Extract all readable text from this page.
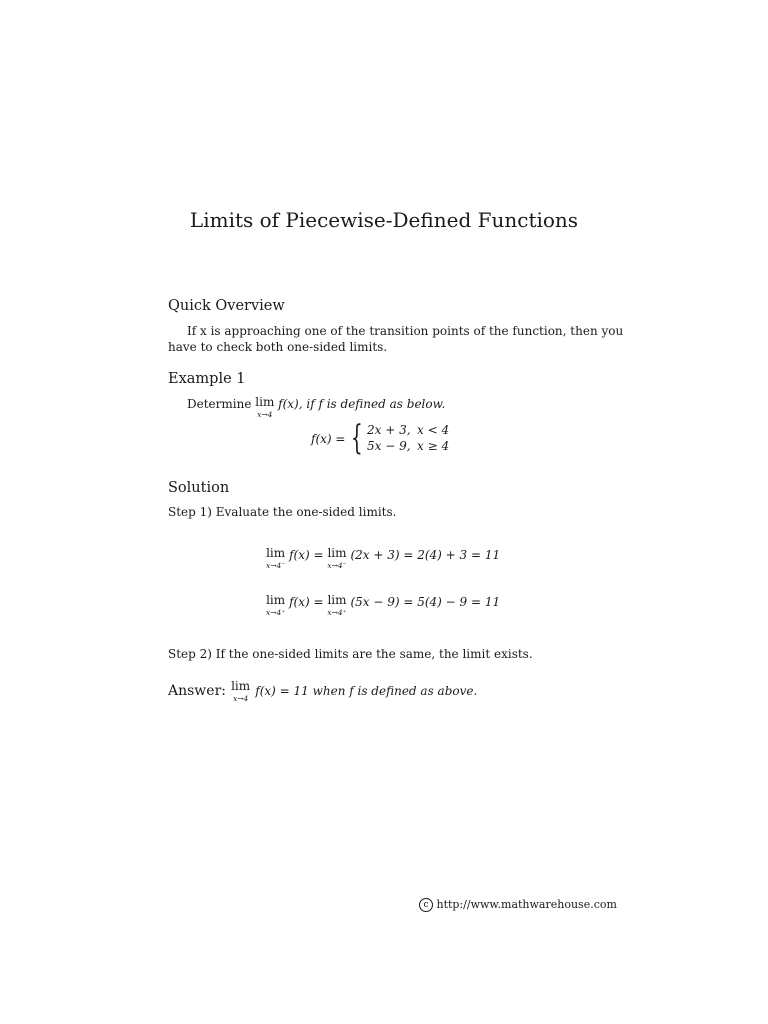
Limits of Piecewise-Defined Functions
Quick Overview
If x is approaching one of the transition points of the function, then you
have to check both one-sided limits.
Example 1
Determine lim
x→4
f(x), if f is defined as below.
f(x) = { 2x + 3, x < 4
5x − 9, x ≥ 4
Solution
Step 1) Evaluate the one-sided limits.
lim
x→4⁻
f(x) = lim
x→4⁻
(2x + 3) = 2(4) + 3 = 11
lim
x→4⁺
f(x) = lim
x→4⁺
(5x − 9) = 5(4) − 9 = 11
Step 2) If the one-sided limits are the same, the limit exists.
Answer: lim
x→4
f(x) = 11 when f is defined as above.
c http://www.mathwarehouse.com
